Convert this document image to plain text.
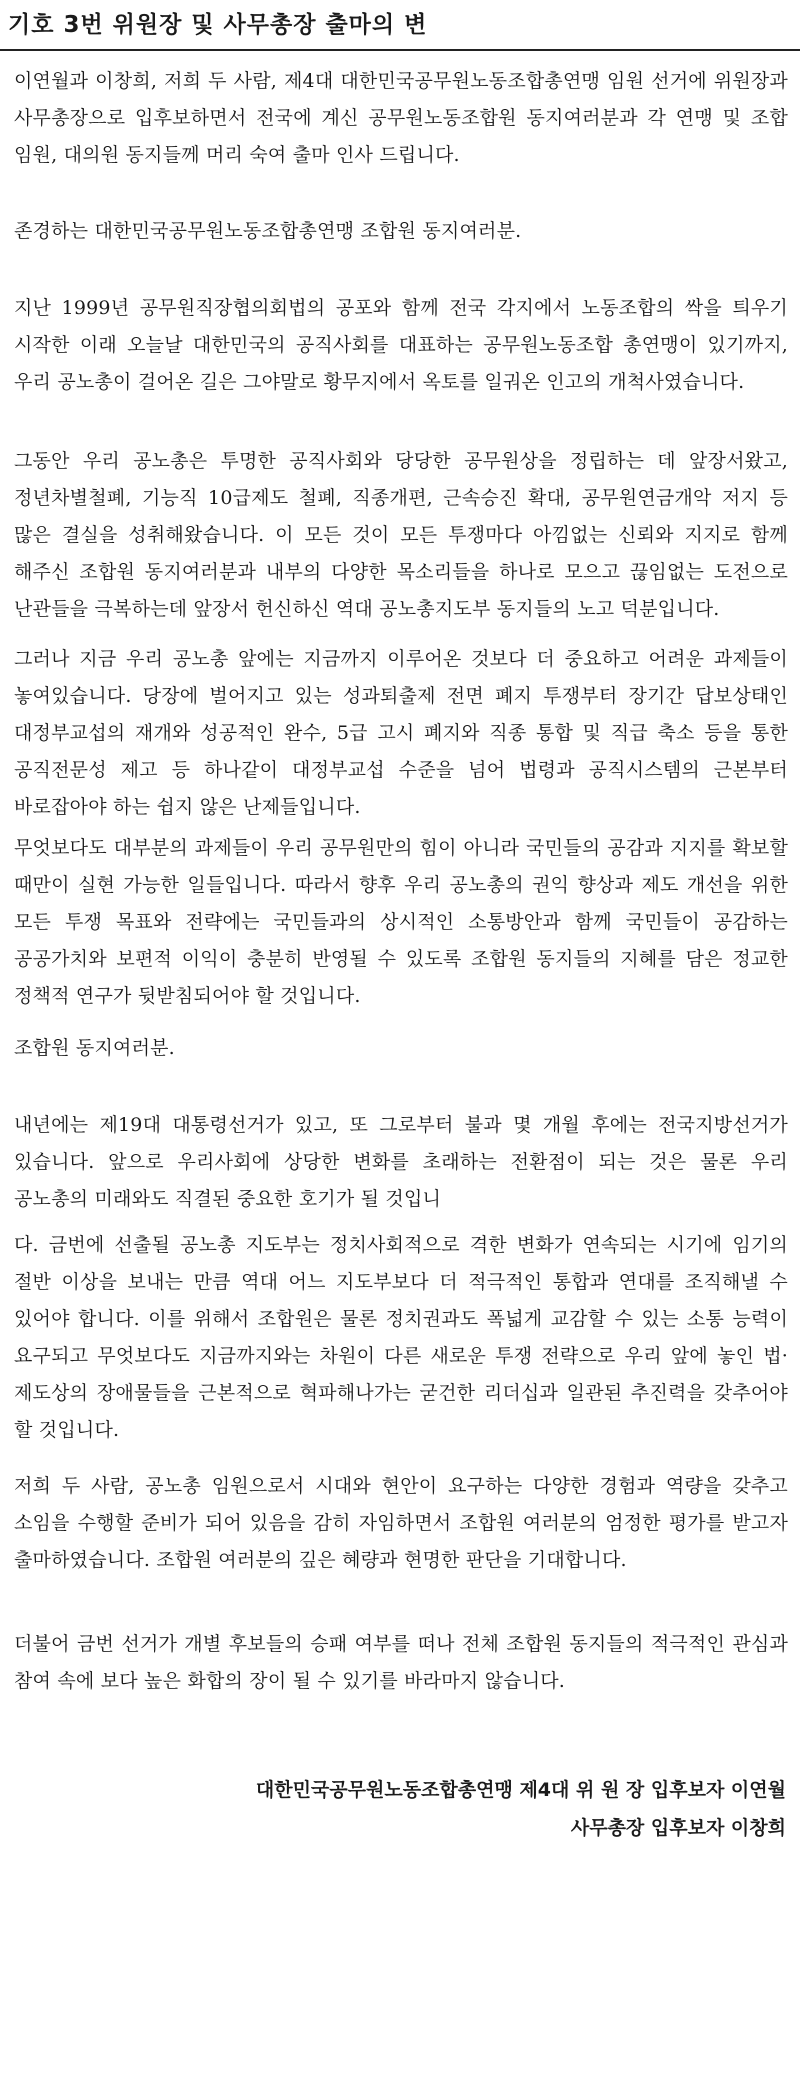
기호 3번 위원장 및 사무총장 출마의 변
이연월과 이창희, 저희 두 사람, 제4대 대한민국공무원노동조합총연맹 임원 선거에 위원장과 사무총장으로 입후보하면서 전국에 계신 공무원노동조합원 동지여러분과 각 연맹 및 조합 임원, 대의원 동지들께 머리 숙여 출마 인사 드립니다.
존경하는 대한민국공무원노동조합총연맹 조합원 동지여러분.
지난 1999년 공무원직장협의회법의 공포와 함께 전국 각지에서 노동조합의 싹을 틔우기 시작한 이래 오늘날 대한민국의 공직사회를 대표하는 공무원노동조합 총연맹이 있기까지, 우리 공노총이 걸어온 길은 그야말로 황무지에서 옥토를 일궈온 인고의 개척사였습니다.
그동안 우리 공노총은 투명한 공직사회와 당당한 공무원상을 정립하는 데 앞장서왔고, 정년차별철폐, 기능직 10급제도 철폐, 직종개편, 근속승진 확대, 공무원연금개악 저지 등 많은 결실을 성취해왔습니다. 이 모든 것이 모든 투쟁마다 아낌없는 신뢰와 지지로 함께 해주신 조합원 동지여러분과 내부의 다양한 목소리들을 하나로 모으고 끊임없는 도전으로 난관들을 극복하는데 앞장서 헌신하신 역대 공노총지도부 동지들의 노고 덕분입니다.
그러나 지금 우리 공노총 앞에는 지금까지 이루어온 것보다 더 중요하고 어려운 과제들이 놓여있습니다. 당장에 벌어지고 있는 성과퇴출제 전면 폐지 투쟁부터 장기간 답보상태인 대정부교섭의 재개와 성공적인 완수, 5급 고시 폐지와 직종 통합 및 직급 축소 등을 통한 공직전문성 제고 등 하나같이 대정부교섭 수준을 넘어 법령과 공직시스템의 근본부터 바로잡아야 하는 쉽지 않은 난제들입니다.
무엇보다도 대부분의 과제들이 우리 공무원만의 힘이 아니라 국민들의 공감과 지지를 확보할 때만이 실현 가능한 일들입니다. 따라서 향후 우리 공노총의 권익 향상과 제도 개선을 위한 모든 투쟁 목표와 전략에는 국민들과의 상시적인 소통방안과 함께 국민들이 공감하는 공공가치와 보편적 이익이 충분히 반영될 수 있도록 조합원 동지들의 지혜를 담은 정교한 정책적 연구가 뒷받침되어야 할 것입니다.
조합원 동지여러분.
내년에는 제19대 대통령선거가 있고, 또 그로부터 불과 몇 개월 후에는 전국지방선거가 있습니다. 앞으로 우리사회에 상당한 변화를 초래하는 전환점이 되는 것은 물론 우리 공노총의 미래와도 직결된 중요한 호기가 될 것입니
다. 금번에 선출될 공노총 지도부는 정치사회적으로 격한 변화가 연속되는 시기에 임기의 절반 이상을 보내는 만큼 역대 어느 지도부보다 더 적극적인 통합과 연대를 조직해낼 수 있어야 합니다. 이를 위해서 조합원은 물론 정치권과도 폭넓게 교감할 수 있는 소통 능력이 요구되고 무엇보다도 지금까지와는 차원이 다른 새로운 투쟁 전략으로 우리 앞에 놓인 법·제도상의 장애물들을 근본적으로 혁파해나가는 굳건한 리더십과 일관된 추진력을 갖추어야 할 것입니다.
저희 두 사람, 공노총 임원으로서 시대와 현안이 요구하는 다양한 경험과 역량을 갖추고 소임을 수행할 준비가 되어 있음을 감히 자임하면서 조합원 여러분의 엄정한 평가를 받고자 출마하였습니다. 조합원 여러분의 깊은 혜량과 현명한 판단을 기대합니다.
더불어 금번 선거가 개별 후보들의 승패 여부를 떠나 전체 조합원 동지들의 적극적인 관심과 참여 속에 보다 높은 화합의 장이 될 수 있기를 바라마지 않습니다.
대한민국공무원노동조합총연맹 제4대 위 원 장 입후보자 이연월
사무총장 입후보자 이창희
